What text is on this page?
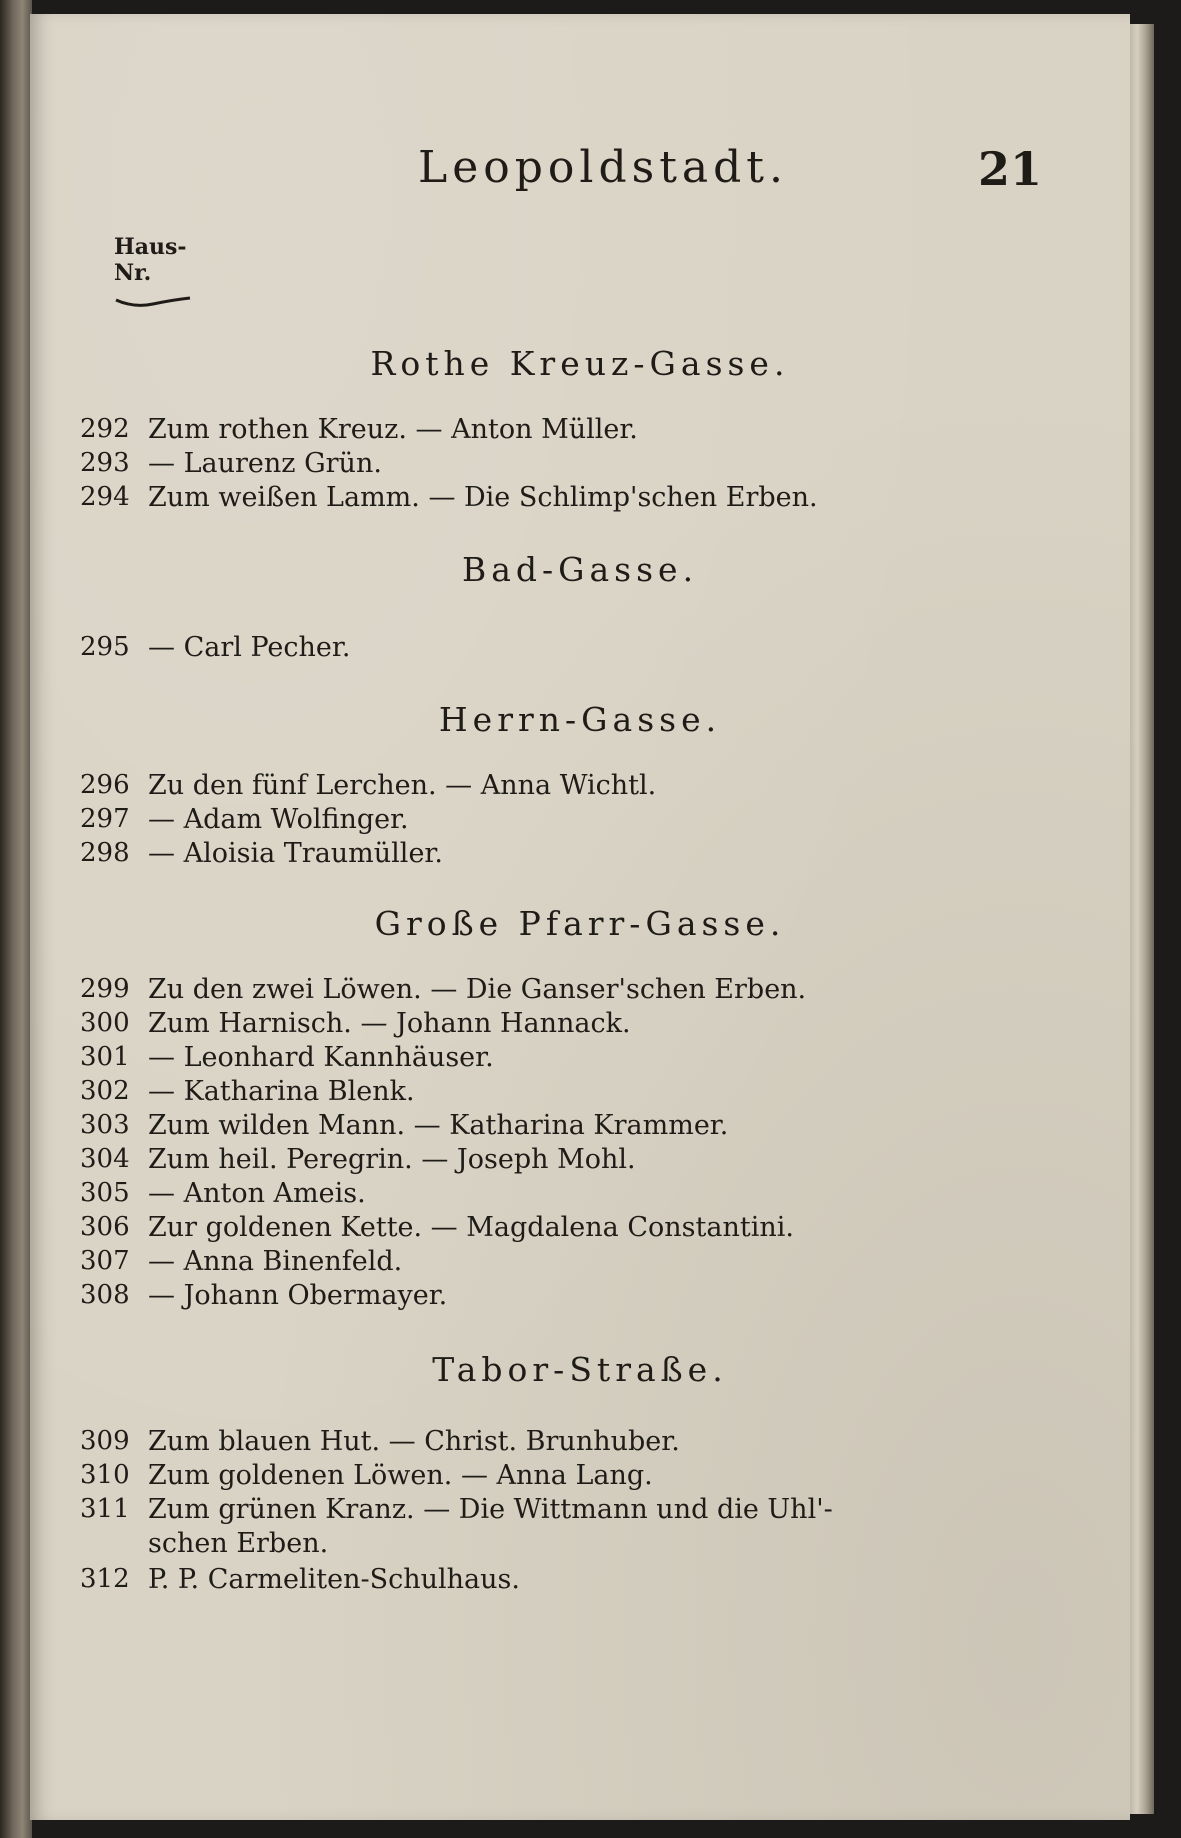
Leopoldstadt.	21
Haus-
Nr.
Rothe Kreuz-Gasse.
292 Zum rothen Kreuz. — Anton Müller.
293 — Laurenz Grün.
294 Zum weißen Lamm. — Die Schlimp'schen Erben.
Bad-Gasse.
295 — Carl Pecher.
Herrn-Gasse.
296 Zu den fünf Lerchen. — Anna Wichtl.
297 — Adam Wolfinger.
298 — Aloisia Traumüller.
Große Pfarr-Gasse.
299 Zu den zwei Löwen. — Die Ganser'schen Erben.
300 Zum Harnisch. — Johann Hannack.
301 — Leonhard Kannhäuser.
302 — Katharina Blenk.
303 Zum wilden Mann. — Katharina Krammer.
304 Zum heil. Peregrin. — Joseph Mohl.
305 — Anton Ameis.
306 Zur goldenen Kette. — Magdalena Constantini.
307 — Anna Binenfeld.
308 — Johann Obermayer.
Tabor-Straße.
309 Zum blauen Hut. — Christ. Brunhuber.
310 Zum goldenen Löwen. — Anna Lang.
311 Zum grünen Kranz. — Die Wittmann und die Uhl'-
schen Erben.
312 P. P. Carmeliten-Schulhaus.
